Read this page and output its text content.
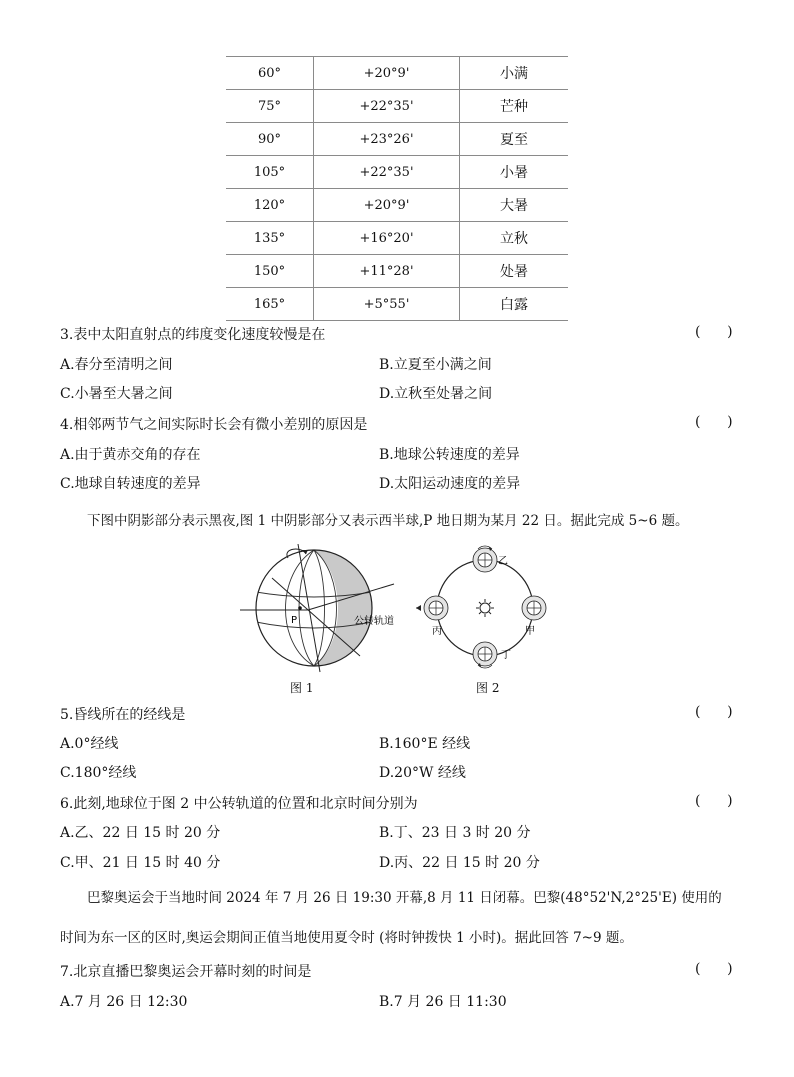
60°	+20°9'	小满
75°	+22°35'	芒种
90°	+23°26'	夏至
105°	+22°35'	小暑
120°	+20°9'	大暑
135°	+16°20'	立秋
150°	+11°28'	处暑
165°	+5°55'	白露
3.表中太阳直射点的纬度变化速度较慢是在	(      )
A.春分至清明之间	B.立夏至小满之间
C.小暑至大暑之间	D.立秋至处暑之间
4.相邻两节气之间实际时长会有微小差别的原因是	(      )
A.由于黄赤交角的存在	B.地球公转速度的差异
C.地球自转速度的差异	D.太阳运动速度的差异
下图中阴影部分表示黑夜,图 1 中阴影部分又表示西半球,P 地日期为某月 22 日。据此完成 5~6 题。
P	公转轨道
图 1
乙
丙	甲
丁
图 2
5.昏线所在的经线是	(      )
A.0°经线	B.160°E 经线
C.180°经线	D.20°W 经线
6.此刻,地球位于图 2 中公转轨道的位置和北京时间分别为	(      )
A.乙、22 日 15 时 20 分	B.丁、23 日 3 时 20 分
C.甲、21 日 15 时 40 分	D.丙、22 日 15 时 20 分
巴黎奥运会于当地时间 2024 年 7 月 26 日 19:30 开幕,8 月 11 日闭幕。巴黎(48°52'N,2°25'E) 使用的
时间为东一区的区时,奥运会期间正值当地使用夏令时 (将时钟拨快 1 小时)。据此回答 7~9 题。
7.北京直播巴黎奥运会开幕时刻的时间是	(      )
A.7 月 26 日 12:30	B.7 月 26 日 11:30
